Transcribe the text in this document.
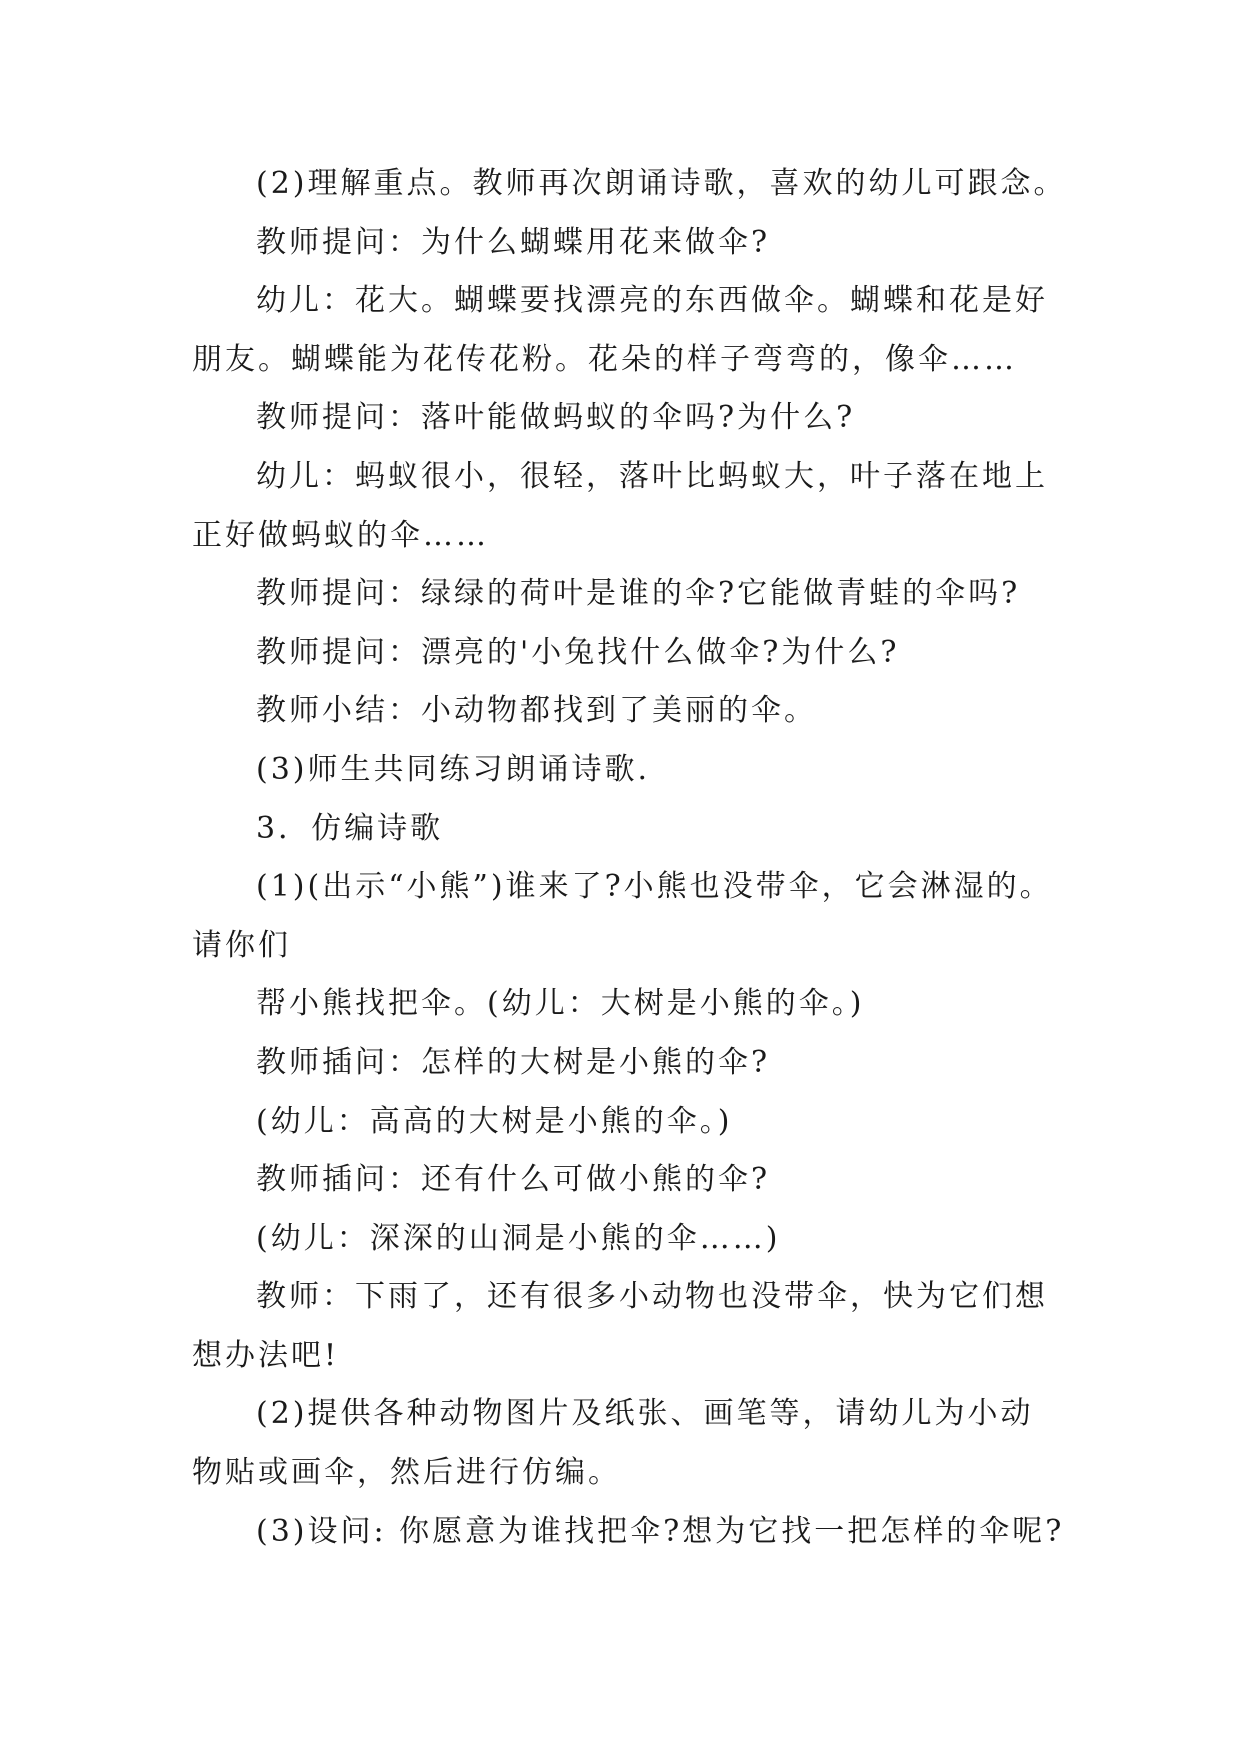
(2)理解重点。教师再次朗诵诗歌，喜欢的幼儿可跟念。
教师提问：为什么蝴蝶用花来做伞?
幼儿：花大。蝴蝶要找漂亮的东西做伞。蝴蝶和花是好
朋友。蝴蝶能为花传花粉。花朵的样子弯弯的，像伞……
教师提问：落叶能做蚂蚁的伞吗?为什么?
幼儿：蚂蚁很小，很轻，落叶比蚂蚁大，叶子落在地上
正好做蚂蚁的伞……
教师提问：绿绿的荷叶是谁的伞?它能做青蛙的伞吗?
教师提问：漂亮的'小兔找什么做伞?为什么?
教师小结：小动物都找到了美丽的伞。
(3)师生共同练习朗诵诗歌.
3．仿编诗歌
(1)(出示“小熊”)谁来了?小熊也没带伞，它会淋湿的。
请你们
帮小熊找把伞。(幼儿：大树是小熊的伞。)
教师插问：怎样的大树是小熊的伞?
(幼儿：高高的大树是小熊的伞。)
教师插问：还有什么可做小熊的伞?
(幼儿：深深的山洞是小熊的伞……)
教师：下雨了，还有很多小动物也没带伞，快为它们想
想办法吧!
(2)提供各种动物图片及纸张、画笔等，请幼儿为小动
物贴或画伞，然后进行仿编。
(3)设问: 你愿意为谁找把伞?想为它找一把怎样的伞呢?
